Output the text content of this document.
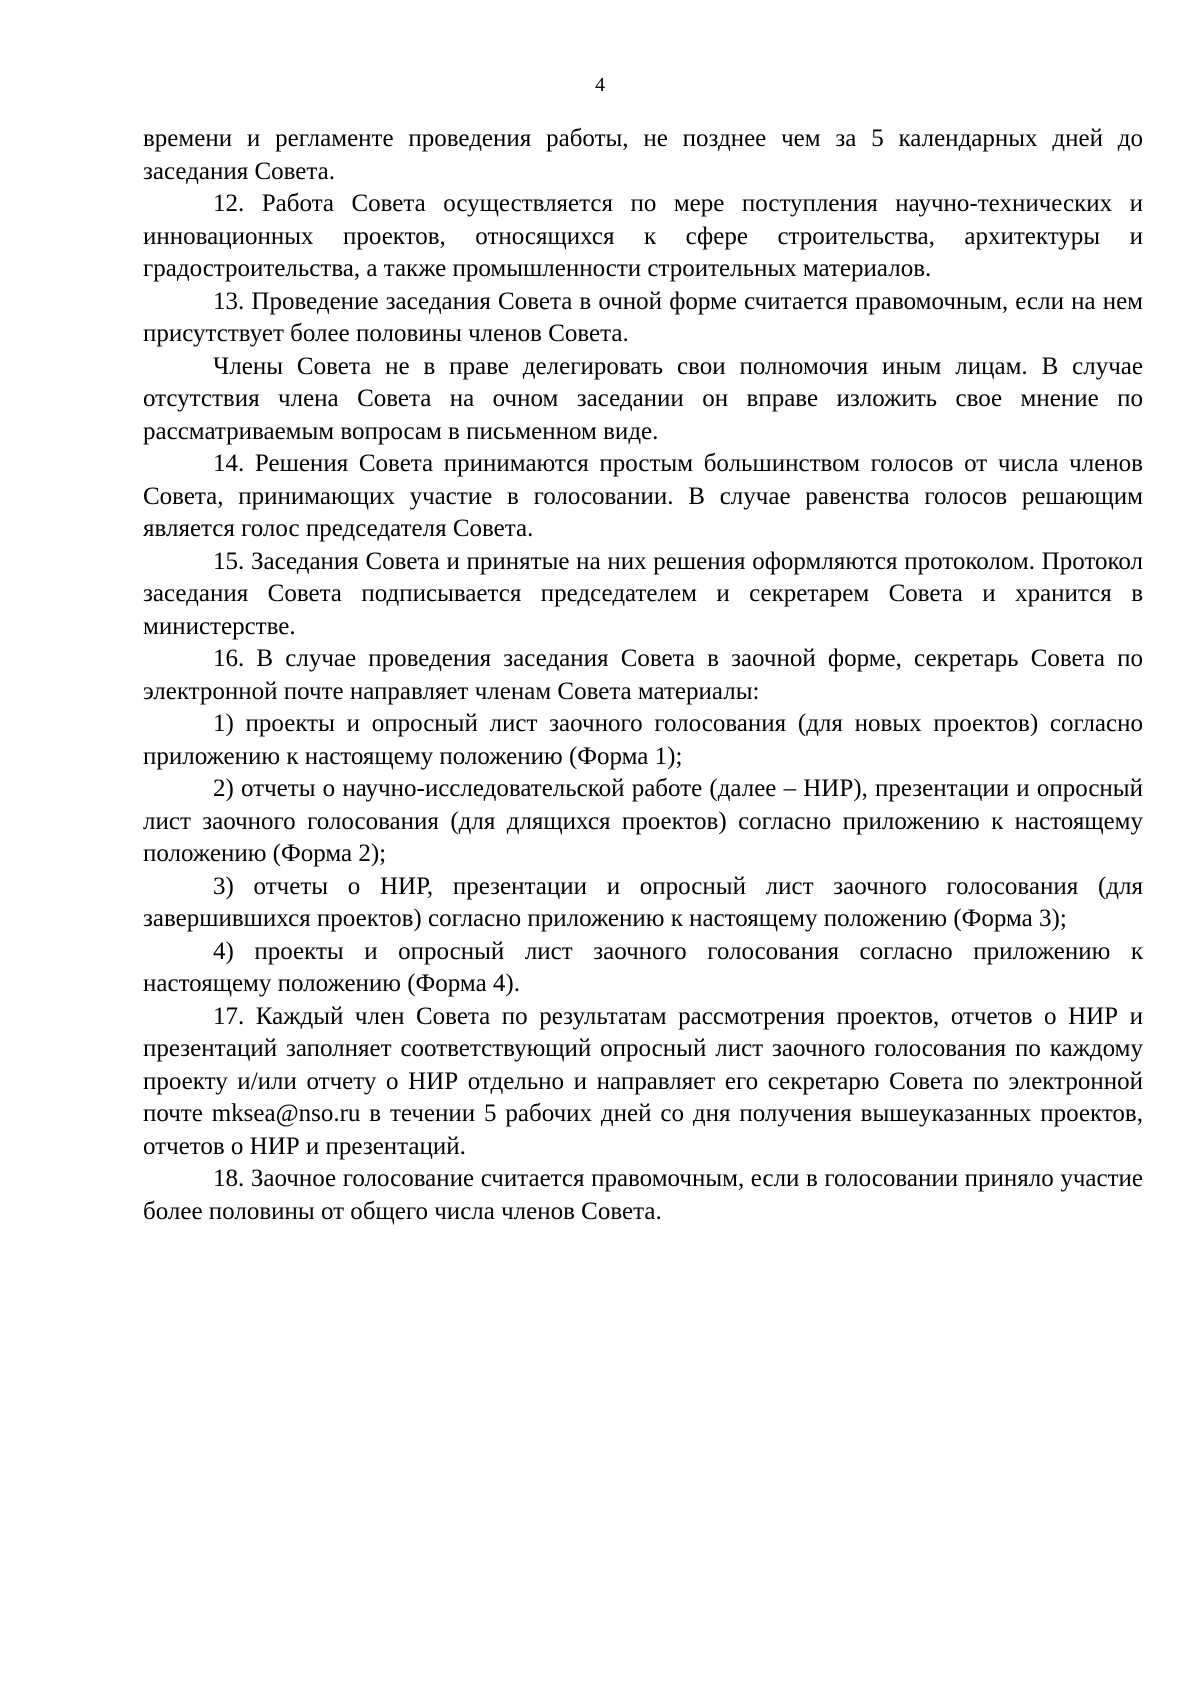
4

времени и регламенте проведения работы, не позднее чем за 5 календарных дней до заседания Совета.

12. Работа Совета осуществляется по мере поступления научно-технических и инновационных проектов, относящихся к сфере строительства, архитектуры и градостроительства, а также промышленности строительных материалов.

13. Проведение заседания Совета в очной форме считается правомочным, если на нем присутствует более половины членов Совета.

Члены Совета не в праве делегировать свои полномочия иным лицам. В случае отсутствия члена Совета на очном заседании он вправе изложить свое мнение по рассматриваемым вопросам в письменном виде.

14. Решения Совета принимаются простым большинством голосов от числа членов Совета, принимающих участие в голосовании. В случае равенства голосов решающим является голос председателя Совета.

15. Заседания Совета и принятые на них решения оформляются протоколом. Протокол заседания Совета подписывается председателем и секретарем Совета и хранится в министерстве.

16. В случае проведения заседания Совета в заочной форме, секретарь Совета по электронной почте направляет членам Совета материалы:

1) проекты и опросный лист заочного голосования (для новых проектов) согласно приложению к настоящему положению (Форма 1);

2) отчеты о научно-исследовательской работе (далее – НИР), презентации и опросный лист заочного голосования (для длящихся проектов) согласно приложению к настоящему положению (Форма 2);

3) отчеты о НИР, презентации и опросный лист заочного голосования (для завершившихся проектов) согласно приложению к настоящему положению (Форма 3);

4) проекты и опросный лист заочного голосования согласно приложению к настоящему положению (Форма 4).

17. Каждый член Совета по результатам рассмотрения проектов, отчетов о НИР и презентаций заполняет соответствующий опросный лист заочного голосования по каждому проекту и/или отчету о НИР отдельно и направляет его секретарю Совета по электронной почте mksea@nso.ru в течении 5 рабочих дней со дня получения вышеуказанных проектов, отчетов о НИР и презентаций.

18. Заочное голосование считается правомочным, если в голосовании приняло участие более половины от общего числа членов Совета.
